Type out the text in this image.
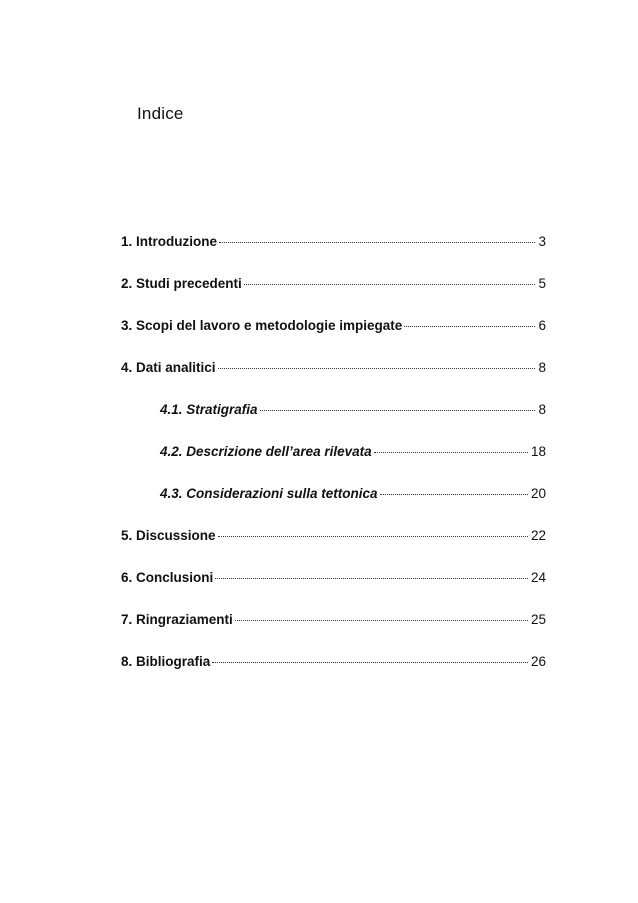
Indice
1. Introduzione	3
2. Studi precedenti	5
3. Scopi del lavoro e metodologie impiegate	6
4. Dati analitici	8
4.1. Stratigrafia	8
4.2. Descrizione dell’area rilevata	18
4.3. Considerazioni sulla tettonica	20
5. Discussione	22
6. Conclusioni	24
7. Ringraziamenti	25
8. Bibliografia	26
